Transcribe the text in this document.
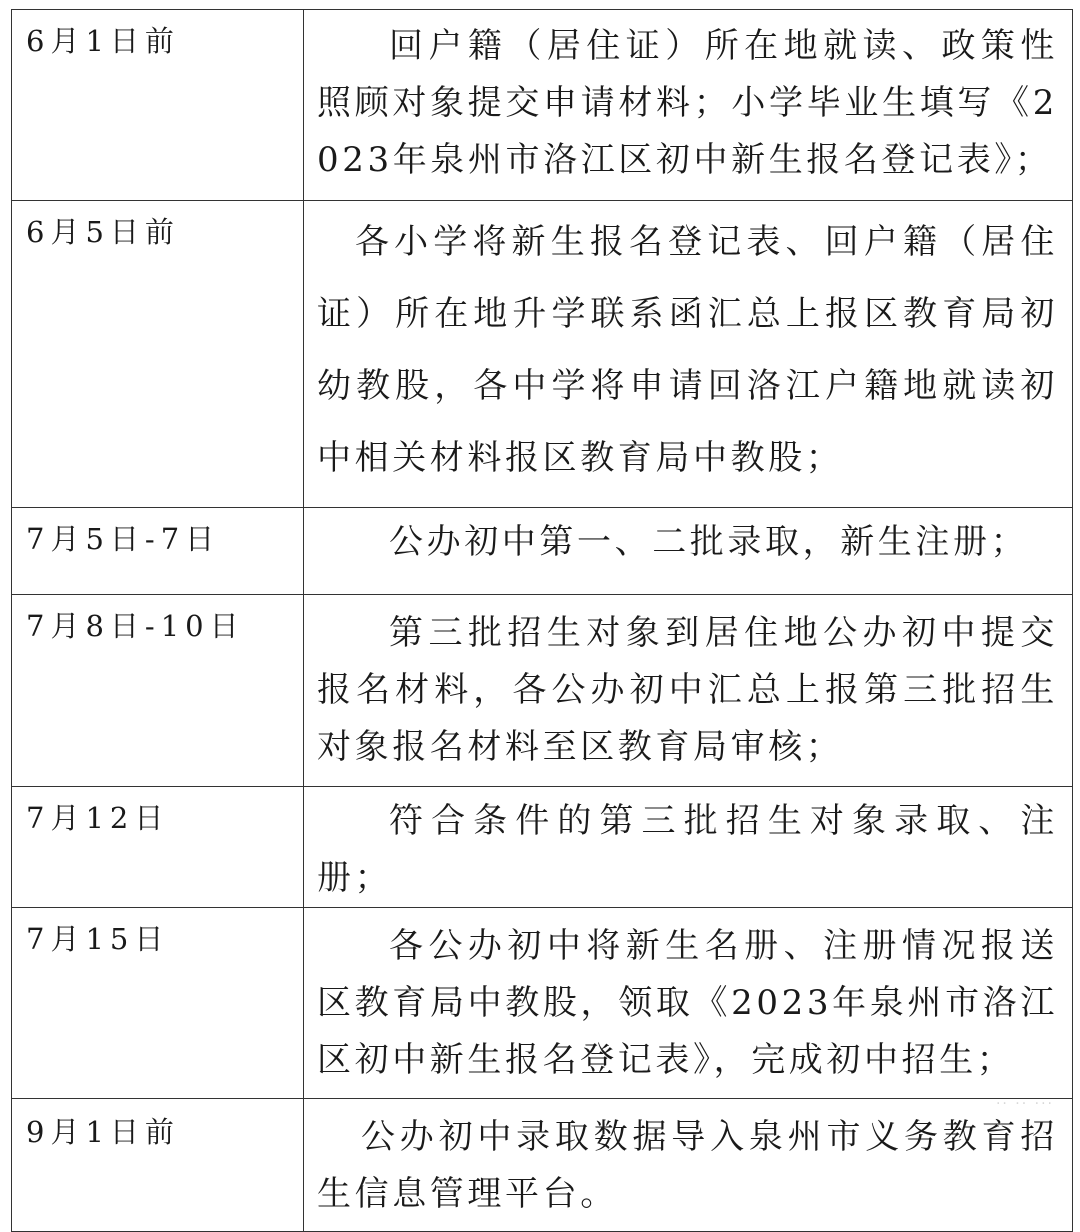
6月1日前	回户籍（居住证）所在地就读、政策性照顾对象提交申请材料；小学毕业生填写《2023年泉州市洛江区初中新生报名登记表》；

6月5日前	各小学将新生报名登记表、回户籍（居住证）所在地升学联系函汇总上报区教育局初幼教股，各中学将申请回洛江户籍地就读初中相关材料报区教育局中教股；

7月5日-7日	公办初中第一、二批录取，新生注册；

7月8日-10日	第三批招生对象到居住地公办初中提交报名材料，各公办初中汇总上报第三批招生对象报名材料至区教育局审核；

7月12日	符合条件的第三批招生对象录取、注册；

7月15日	各公办初中将新生名册、注册情况报送区教育局中教股，领取《2023年泉州市洛江区初中新生报名登记表》，完成初中招生；

9月1日前	公办初中录取数据导入泉州市义务教育招生信息管理平台。
·· ·· ···
